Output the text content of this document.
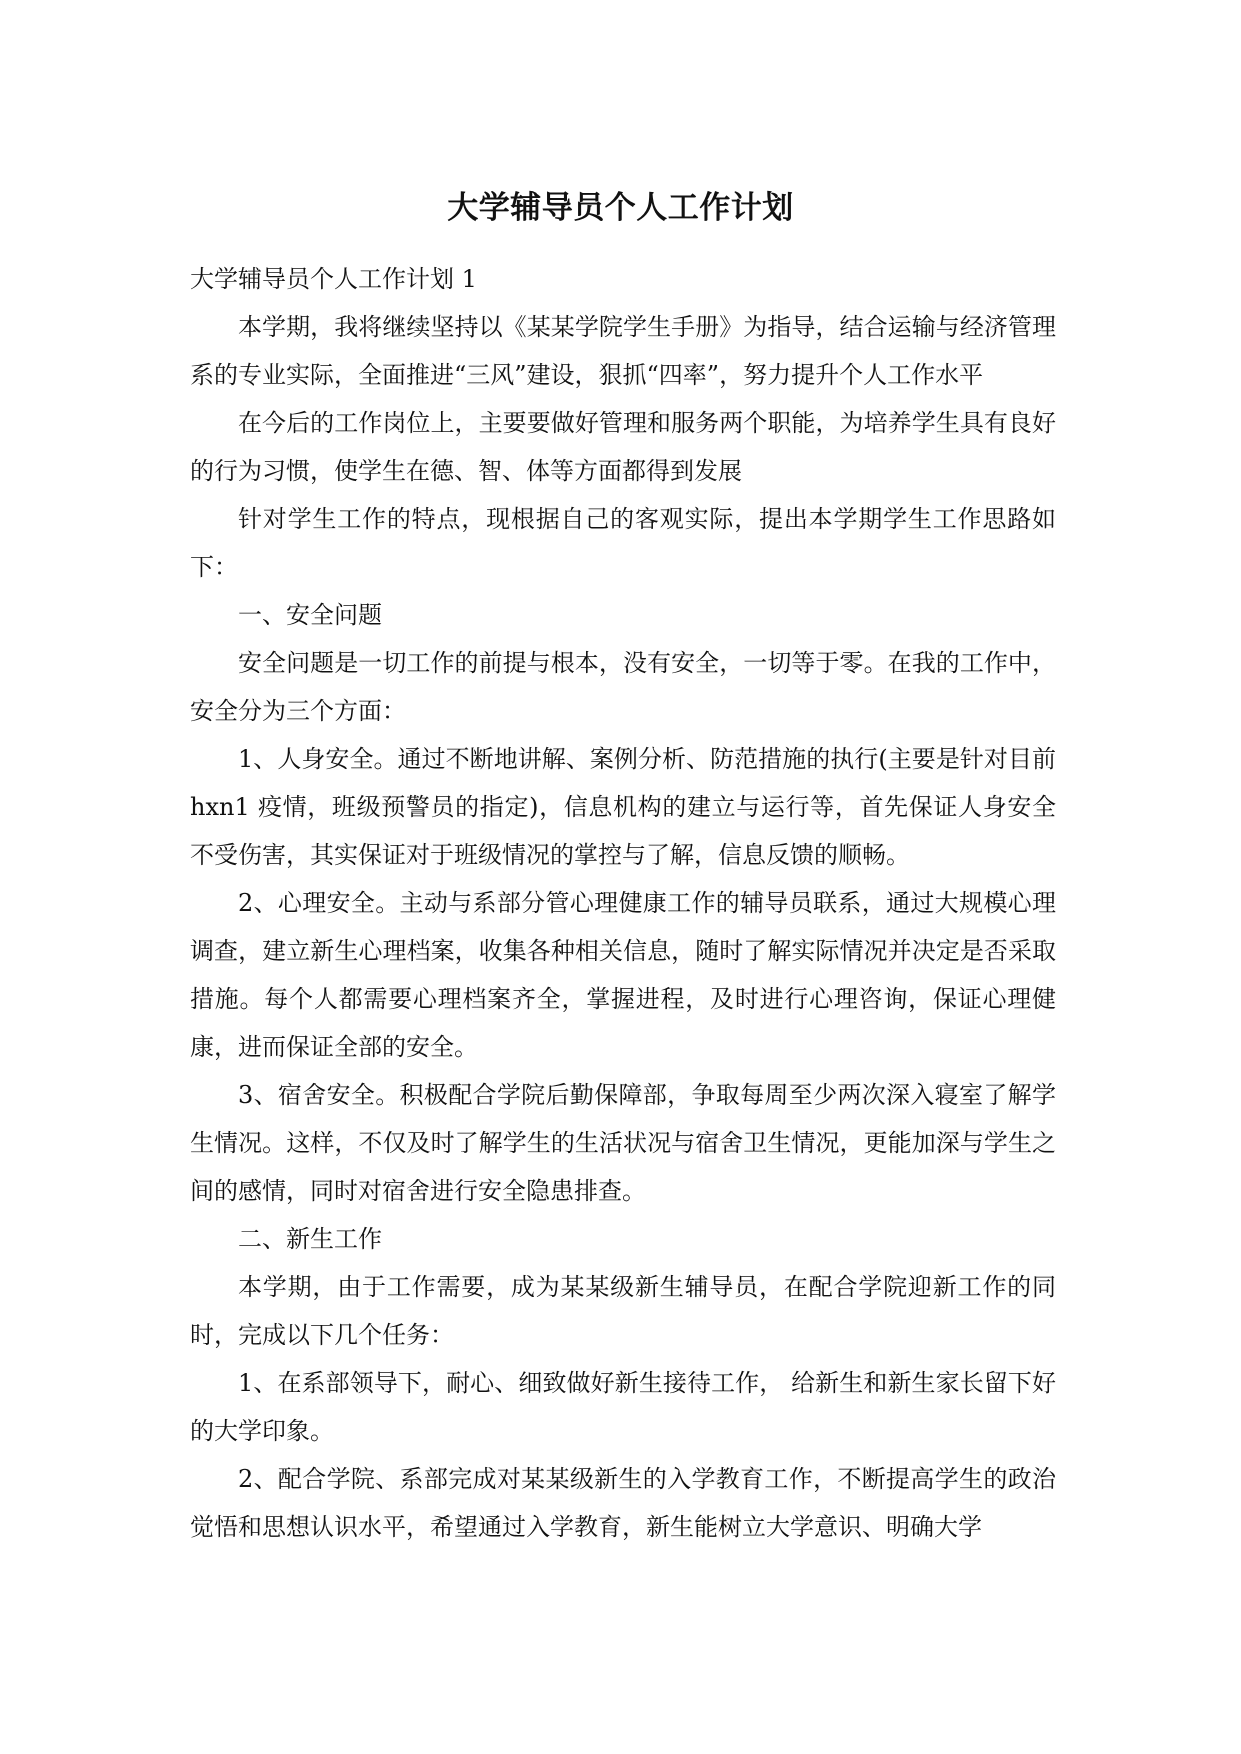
大学辅导员个人工作计划

大学辅导员个人工作计划 1

本学期，我将继续坚持以《某某学院学生手册》为指导，结合运输与经济管理系的专业实际，全面推进“三风”建设，狠抓“四率”，努力提升个人工作水平

在今后的工作岗位上，主要要做好管理和服务两个职能，为培养学生具有良好的行为习惯，使学生在德、智、体等方面都得到发展

针对学生工作的特点，现根据自己的客观实际，提出本学期学生工作思路如下：

一、安全问题

安全问题是一切工作的前提与根本，没有安全，一切等于零。在我的工作中，安全分为三个方面：

1、人身安全。通过不断地讲解、案例分析、防范措施的执行(主要是针对目前 hxn1 疫情，班级预警员的指定)，信息机构的建立与运行等，首先保证人身安全不受伤害，其实保证对于班级情况的掌控与了解，信息反馈的顺畅。

2、心理安全。主动与系部分管心理健康工作的辅导员联系，通过大规模心理调查，建立新生心理档案，收集各种相关信息，随时了解实际情况并决定是否采取措施。每个人都需要心理档案齐全，掌握进程，及时进行心理咨询，保证心理健康，进而保证全部的安全。

3、宿舍安全。积极配合学院后勤保障部，争取每周至少两次深入寝室了解学生情况。这样，不仅及时了解学生的生活状况与宿舍卫生情况，更能加深与学生之间的感情，同时对宿舍进行安全隐患排查。

二、新生工作

本学期，由于工作需要，成为某某级新生辅导员，在配合学院迎新工作的同时，完成以下几个任务：

1、在系部领导下，耐心、细致做好新生接待工作， 给新生和新生家长留下好的大学印象。

2、配合学院、系部完成对某某级新生的入学教育工作，不断提高学生的政治觉悟和思想认识水平，希望通过入学教育，新生能树立大学意识、明确大学
